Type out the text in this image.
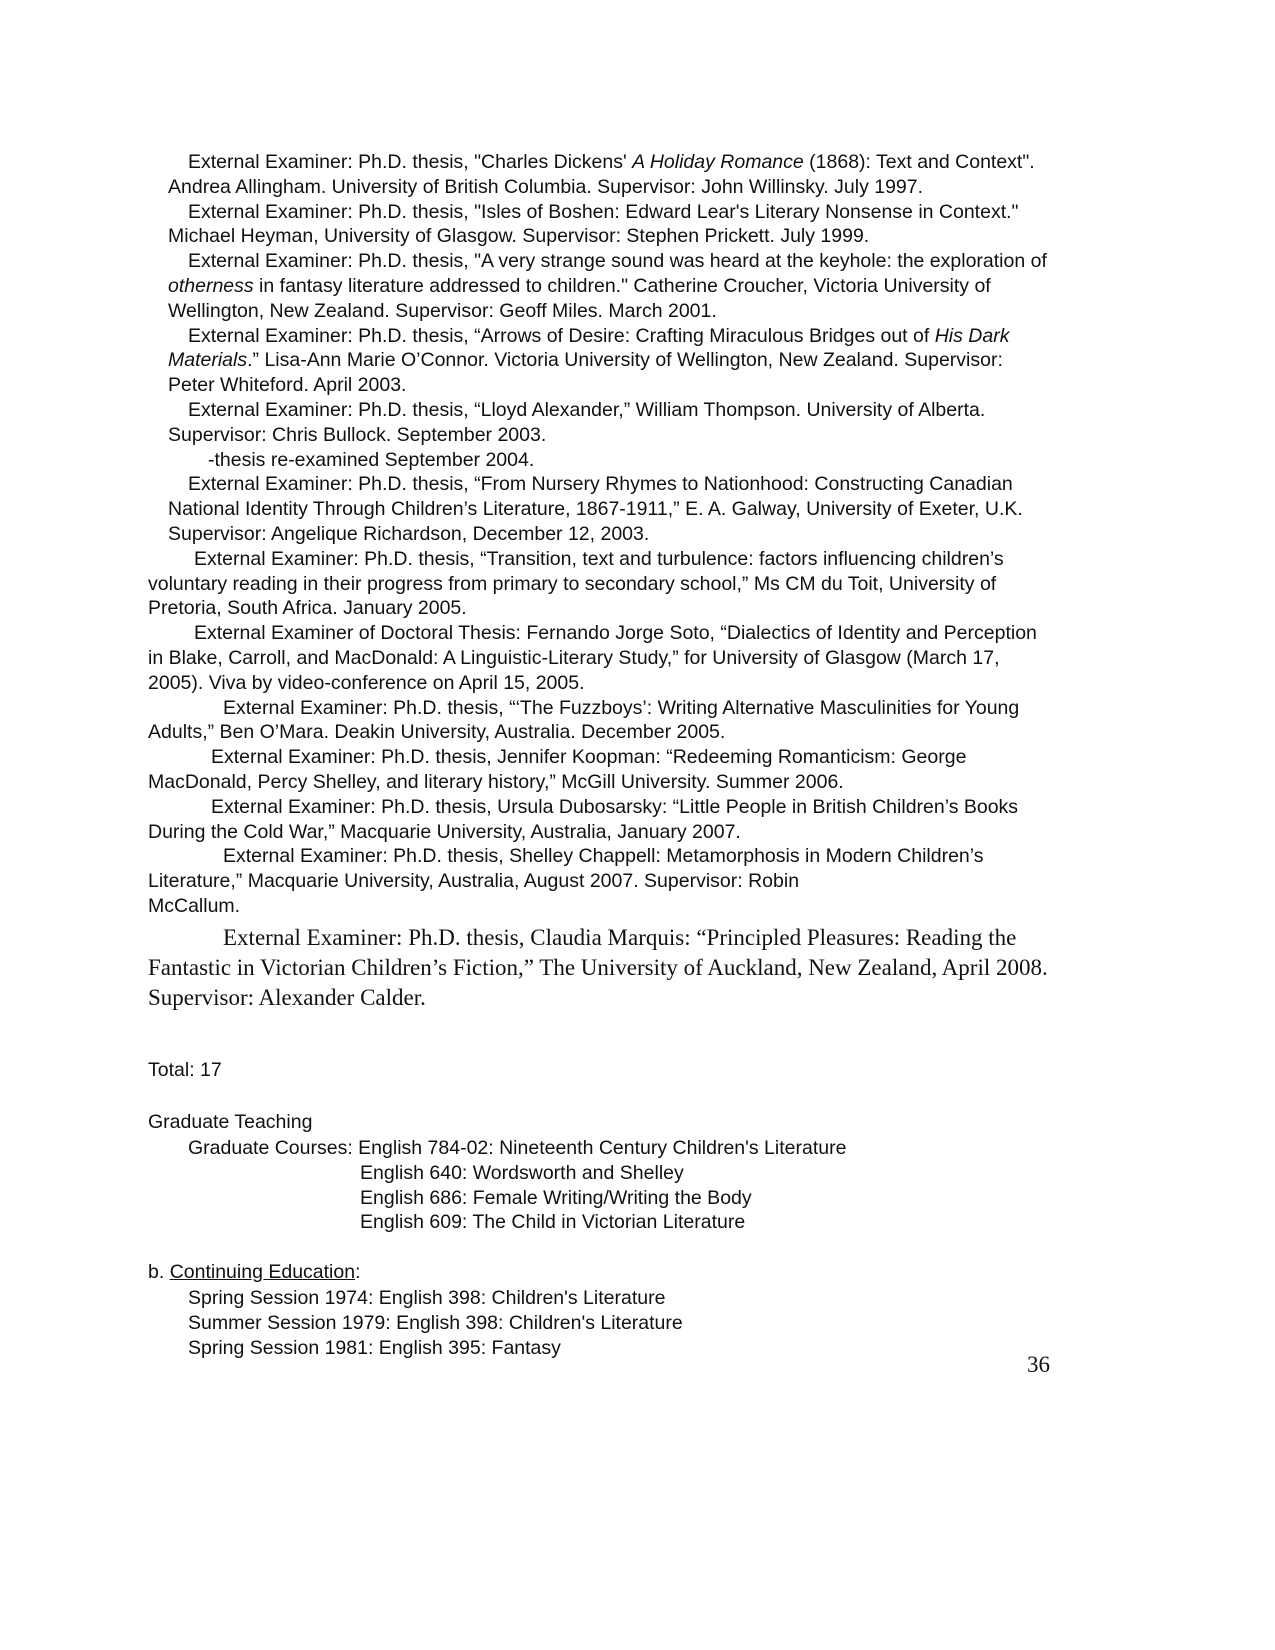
External Examiner: Ph.D. thesis, "Charles Dickens' A Holiday Romance (1868): Text and Context". Andrea Allingham. University of British Columbia. Supervisor: John Willinsky. July 1997.

External Examiner: Ph.D. thesis, "Isles of Boshen: Edward Lear's Literary Nonsense in Context." Michael Heyman, University of Glasgow. Supervisor: Stephen Prickett. July 1999.

External Examiner: Ph.D. thesis, "A very strange sound was heard at the keyhole: the exploration of otherness in fantasy literature addressed to children." Catherine Croucher, Victoria University of Wellington, New Zealand. Supervisor: Geoff Miles. March 2001.

External Examiner: Ph.D. thesis, “Arrows of Desire: Crafting Miraculous Bridges out of His Dark Materials.” Lisa-Ann Marie O’Connor. Victoria University of Wellington, New Zealand. Supervisor: Peter Whiteford. April 2003.

External Examiner: Ph.D. thesis, “Lloyd Alexander,” William Thompson. University of Alberta. Supervisor: Chris Bullock. September 2003.

-thesis re-examined September 2004.

External Examiner: Ph.D. thesis, “From Nursery Rhymes to Nationhood: Constructing Canadian National Identity Through Children’s Literature, 1867-1911,” E. A. Galway, University of Exeter, U.K. Supervisor: Angelique Richardson, December 12, 2003.

External Examiner: Ph.D. thesis, “Transition, text and turbulence: factors influencing children’s voluntary reading in their progress from primary to secondary school,” Ms CM du Toit, University of Pretoria, South Africa. January 2005.

External Examiner of Doctoral Thesis: Fernando Jorge Soto, “Dialectics of Identity and Perception in Blake, Carroll, and MacDonald: A Linguistic-Literary Study,” for University of Glasgow (March 17, 2005). Viva by video-conference on April 15, 2005.

External Examiner: Ph.D. thesis, “‘The Fuzzboys’: Writing Alternative Masculinities for Young Adults,” Ben O’Mara. Deakin University, Australia. December 2005.

External Examiner: Ph.D. thesis, Jennifer Koopman: “Redeeming Romanticism: George MacDonald, Percy Shelley, and literary history,” McGill University. Summer 2006.

External Examiner: Ph.D. thesis, Ursula Dubosarsky: “Little People in British Children’s Books During the Cold War,” Macquarie University, Australia, January 2007.

External Examiner: Ph.D. thesis, Shelley Chappell: Metamorphosis in Modern Children’s Literature,” Macquarie University, Australia, August 2007. Supervisor: Robin
McCallum.

External Examiner: Ph.D. thesis, Claudia Marquis: “Principled Pleasures: Reading the Fantastic in Victorian Children’s Fiction,” The University of Auckland, New Zealand, April 2008. Supervisor: Alexander Calder.

Total: 17

Graduate Teaching

Graduate Courses: English 784-02: Nineteenth Century Children's Literature
English 640: Wordsworth and Shelley
English 686: Female Writing/Writing the Body
English 609: The Child in Victorian Literature

b. Continuing Education:

Spring Session 1974: English 398: Children's Literature
Summer Session 1979: English 398: Children's Literature
Spring Session 1981: English 395: Fantasy
36
